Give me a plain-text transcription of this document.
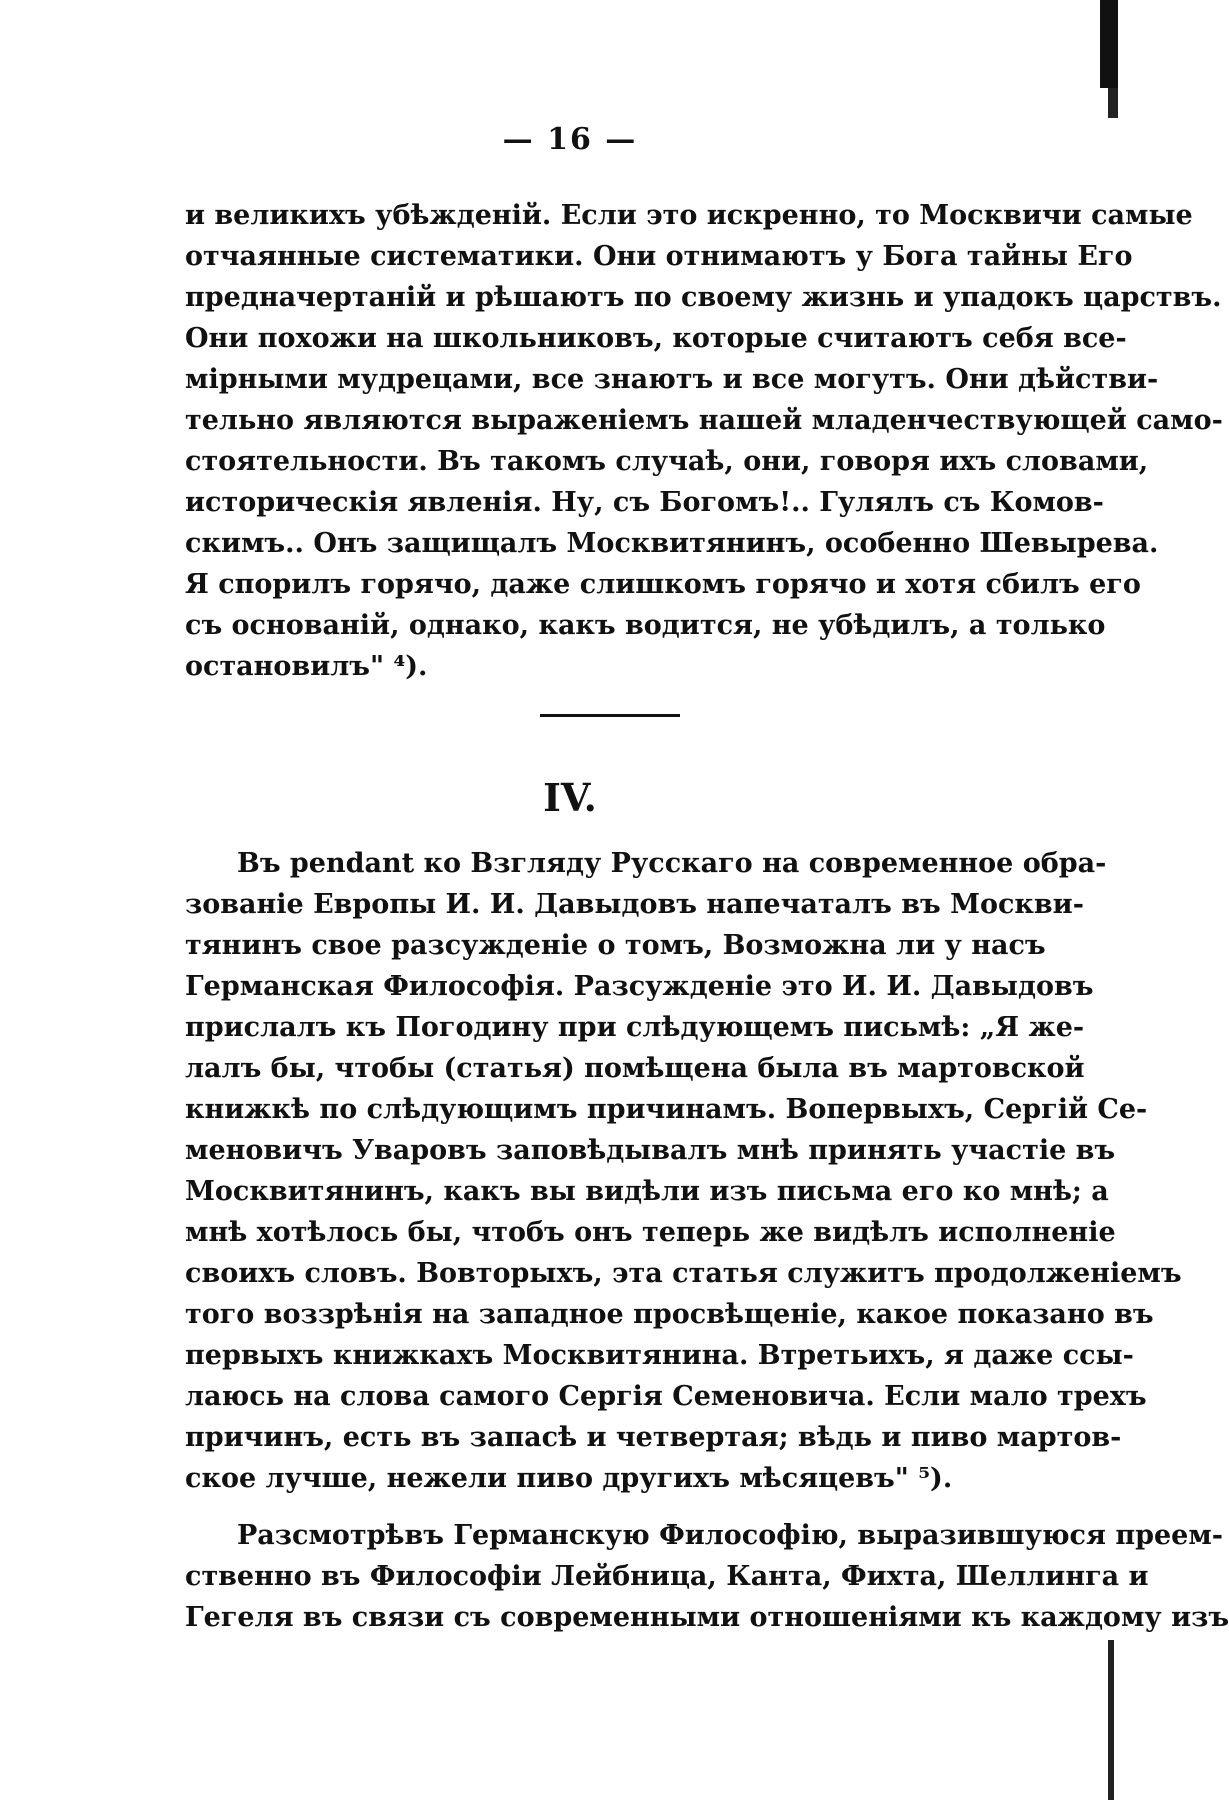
— 16 —
и великихъ убѣжденій. Если это искренно, то Москвичи самые
отчаянные систематики. Они отнимаютъ у Бога тайны Его
предначертаній и рѣшаютъ по своему жизнь и упадокъ царствъ.
Они похожи на школьниковъ, которые считаютъ себя все-
мірными мудрецами, все знаютъ и все могутъ. Они дѣйстви-
тельно являются выраженіемъ нашей младенчествующей само-
стоятельности. Въ такомъ случаѣ, они, говоря ихъ словами,
историческія явленія. Ну, съ Богомъ!.. Гулялъ съ Комов-
скимъ.. Онъ защищалъ Москвитянинъ, особенно Шевырева.
Я спорилъ горячо, даже слишкомъ горячо и хотя сбилъ его
съ основаній, однако, какъ водится, не убѣдилъ, а только
остановилъ" ⁴).
IV.
Въ pendant ко Взгляду Русскаго на современное обра-
зованіе Европы И. И. Давыдовъ напечаталъ въ Москви-
тянинъ свое разсужденіе о томъ, Возможна ли у насъ
Германская Философія. Разсужденіе это И. И. Давыдовъ
прислалъ къ Погодину при слѣдующемъ письмѣ: „Я же-
лалъ бы, чтобы (статья) помѣщена была въ мартовской
книжкѣ по слѣдующимъ причинамъ. Вопервыхъ, Сергій Се-
меновичъ Уваровъ заповѣдывалъ мнѣ принять участіе въ
Москвитянинъ, какъ вы видѣли изъ письма его ко мнѣ; а
мнѣ хотѣлось бы, чтобъ онъ теперь же видѣлъ исполненіе
своихъ словъ. Вовторыхъ, эта статья служитъ продолженіемъ
того воззрѣнія на западное просвѣщеніе, какое показано въ
первыхъ книжкахъ Москвитянина. Втретьихъ, я даже ссы-
лаюсь на слова самого Сергія Семеновича. Если мало трехъ
причинъ, есть въ запасѣ и четвертая; вѣдь и пиво мартов-
ское лучше, нежели пиво другихъ мѣсяцевъ" ⁵).
Разсмотрѣвъ Германскую Философію, выразившуюся преем-
ственно въ Философіи Лейбница, Канта, Фихта, Шеллинга и
Гегеля въ связи съ современными отношеніями къ каждому изъ
